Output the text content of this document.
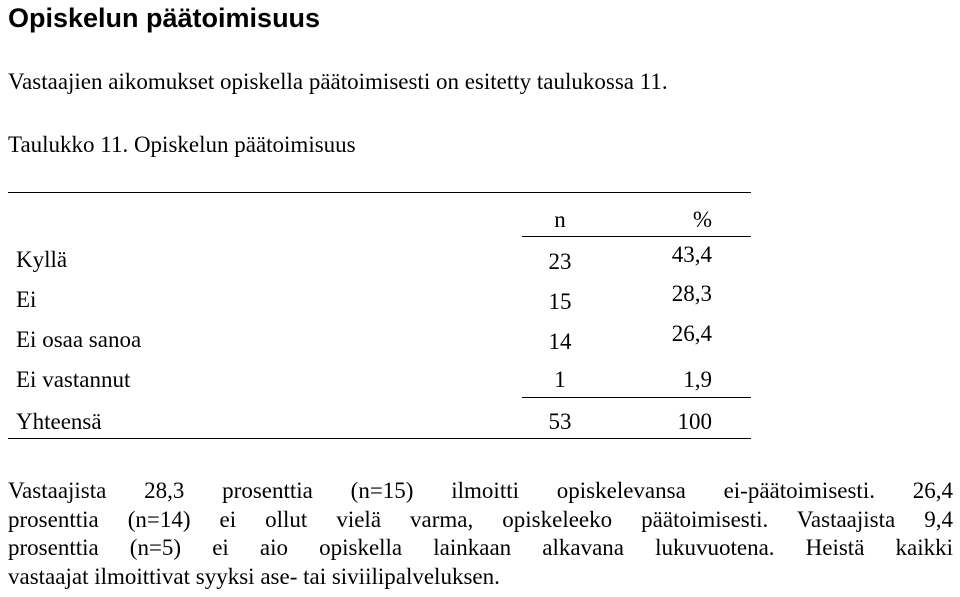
Opiskelun päätoimisuus
Vastaajien aikomukset opiskella päätoimisesti on esitetty taulukossa 11.
Taulukko 11. Opiskelun päätoimisuus
n	%
Kyllä	23	43,4
Ei	15	28,3
Ei osaa sanoa	14	26,4
Ei vastannut	1	1,9
Yhteensä	53	100
Vastaajista 28,3 prosenttia (n=15) ilmoitti opiskelevansa ei-päätoimisesti. 26,4
prosenttia (n=14) ei ollut vielä varma, opiskeleeko päätoimisesti. Vastaajista 9,4
prosenttia (n=5) ei aio opiskella lainkaan alkavana lukuvuotena. Heistä kaikki
vastaajat ilmoittivat syyksi ase- tai siviilipalveluksen.
